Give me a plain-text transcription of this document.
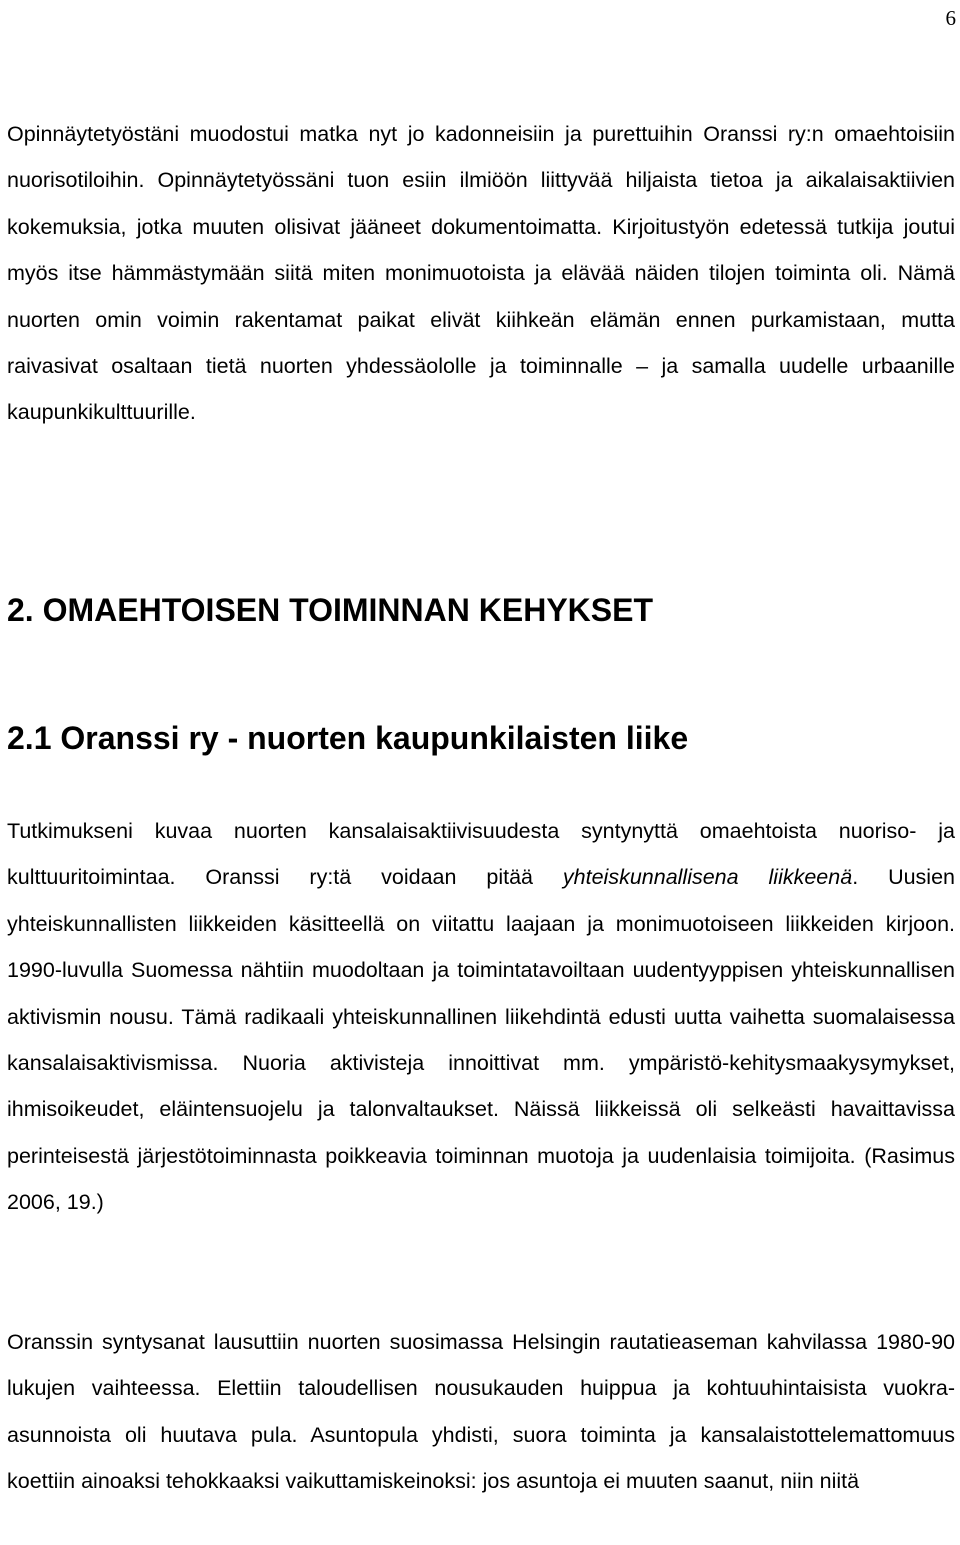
6

Opinnäytetyöstäni muodostui matka nyt jo kadonneisiin ja purettuihin Oranssi ry:n omaehtoisiin nuorisotiloihin. Opinnäytetyössäni tuon esiin ilmiöön liittyvää hiljaista tietoa ja aikalaisaktiivien kokemuksia, jotka muuten olisivat jääneet dokumentoimatta. Kirjoitustyön edetessä tutkija joutui myös itse hämmästymään siitä miten monimuotoista ja elävää näiden tilojen toiminta oli. Nämä nuorten omin voimin rakentamat paikat elivät kiihkeän elämän ennen purkamistaan, mutta raivasivat osaltaan tietä nuorten yhdessäololle ja toiminnalle – ja samalla uudelle urbaanille kaupunkikulttuurille.

2. OMAEHTOISEN TOIMINNAN KEHYKSET
2.1 Oranssi ry - nuorten kaupunkilaisten liike

Tutkimukseni kuvaa nuorten kansalaisaktiivisuudesta syntynyttä omaehtoista nuoriso- ja kulttuuritoimintaa. Oranssi ry:tä voidaan pitää yhteiskunnallisena liikkeenä. Uusien yhteiskunnallisten liikkeiden käsitteellä on viitattu laajaan ja monimuotoiseen liikkeiden kirjoon. 1990-luvulla Suomessa nähtiin muodoltaan ja toimintatavoiltaan uudentyyppisen yhteiskunnallisen aktivismin nousu. Tämä radikaali yhteiskunnallinen liikehdintä edusti uutta vaihetta suomalaisessa kansalaisaktivismissa. Nuoria aktivisteja innoittivat mm. ympäristö-kehitysmaakysymykset, ihmisoikeudet, eläintensuojelu ja talonvaltaukset. Näissä liikkeissä oli selkeästi havaittavissa perinteisestä järjestötoiminnasta poikkeavia toiminnan muotoja ja uudenlaisia toimijoita. (Rasimus 2006, 19.)

Oranssin syntysanat lausuttiin nuorten suosimassa Helsingin rautatieaseman kahvilassa 1980-90 lukujen vaihteessa. Elettiin taloudellisen nousukauden huippua ja kohtuuhintaisista vuokra-asunnoista oli huutava pula. Asuntopula yhdisti, suora toiminta ja kansalaistottelemattomuus koettiin ainoaksi tehokkaaksi vaikuttamiskeinoksi: jos asuntoja ei muuten saanut, niin niitä
